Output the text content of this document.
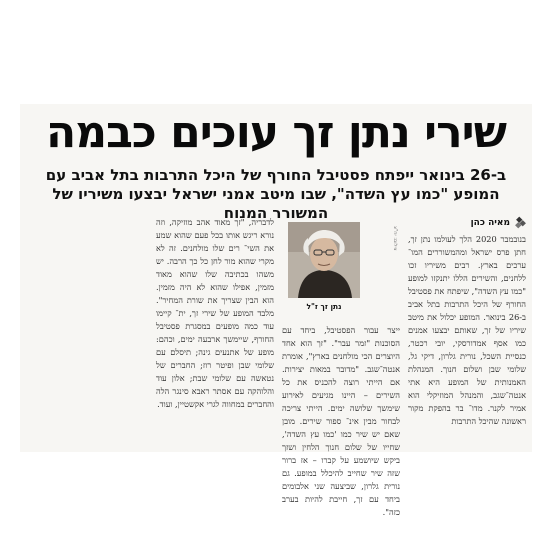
שירי נתן זך עוכים כבמה
ב-26 בינואר ייפתח פסטיבל החורף של היכל התרבות בתל אביב עם המופע "כמו עץ השדה", שבו מיטב אמני ישראל יבצעו משיריו של המשורר המנוח
מאיה כהן

בנובמבר 2020 הלך לעולמו נתן זך, חתן פרס ישראל ומהמשוררים המו־ ערכים בארץ. רבים משיריו זכו ללחנים, והשירים הללו יתנקזו למופע "כמו עץ השדה", שיפתח את פסטיבל החורף של היכל התרבות בתל אביב ב-26 בינואר. המופע יכלול את מיטב שיריו של זך, שאותם יבצעו אמנים כמו אסף אמדורסקי, יובי רכטר, כנסיית השכל, נורית גלרון, דיקי גל, שלומי שבן ושלום חנוך. המנהלת האמנותית של המופע היא אתי אנטה־שגב, והמנהל המוזיקלי הוא אמיר לקנר. מדו־ בר בהפקת מקור ראשונה שהיכל התרבות

צילום: יח"צ
נתן זך ז"ל

ייצר עבור הפסטיבל, ביחד עם הסוכנות "זמר עבר". "זך הוא אחד היוצרים הכי מולחנים בארץ", אומרת אנטה־שגב. "מדובר במאות יצירות. אם הייתי רוצה להכניס את כל השירים – היינו מגיעים לאירוע שימשך שלושה ימים. הייתי צריכה לבחור מבין אינ־ ספור שירים. מובן שאם יש שיר כמו 'כמו עץ השדה', שחייו של שלום חנוך הלחין ושזך ביקש שיושמע על קברו – אז ברור שזה שיר שחייב להיכלל במופע. גם נורית גלרון, שביצעה שני אלבומים ביחד עם זך, חייבת להיות בערב כזה".

לדבריה, "זך מאוד אהב מוזיקה, וזה נורא ריגש אותו בכל פעם שהוא שמע את השי־ רים שלו מולחנים. זה לא מקרי שהוא מור לחן כל כך הרבה. יש משהו בכתיבה שלו שהוא מאוד מזמין, אפילו שהוא לא היה מזמין. הוא הבין שצריך את שורת המחיר". מלבד המופע של שירי זך, ית־ קיימו עוד כמה מופעים במסגרת פסטיבל החורף, שיימשך ארבעה ימים, וכהם: מופע של אתנעים גינה; תיסלם עם שלומי שבן ופיטר רוז; החברים של נטאשה עם שלומי שבת; אלון עוד והלוהקה עם אסתר ראבא סינגר הלה והחברים במחווה לגרי אקשטיין, ועוד.
